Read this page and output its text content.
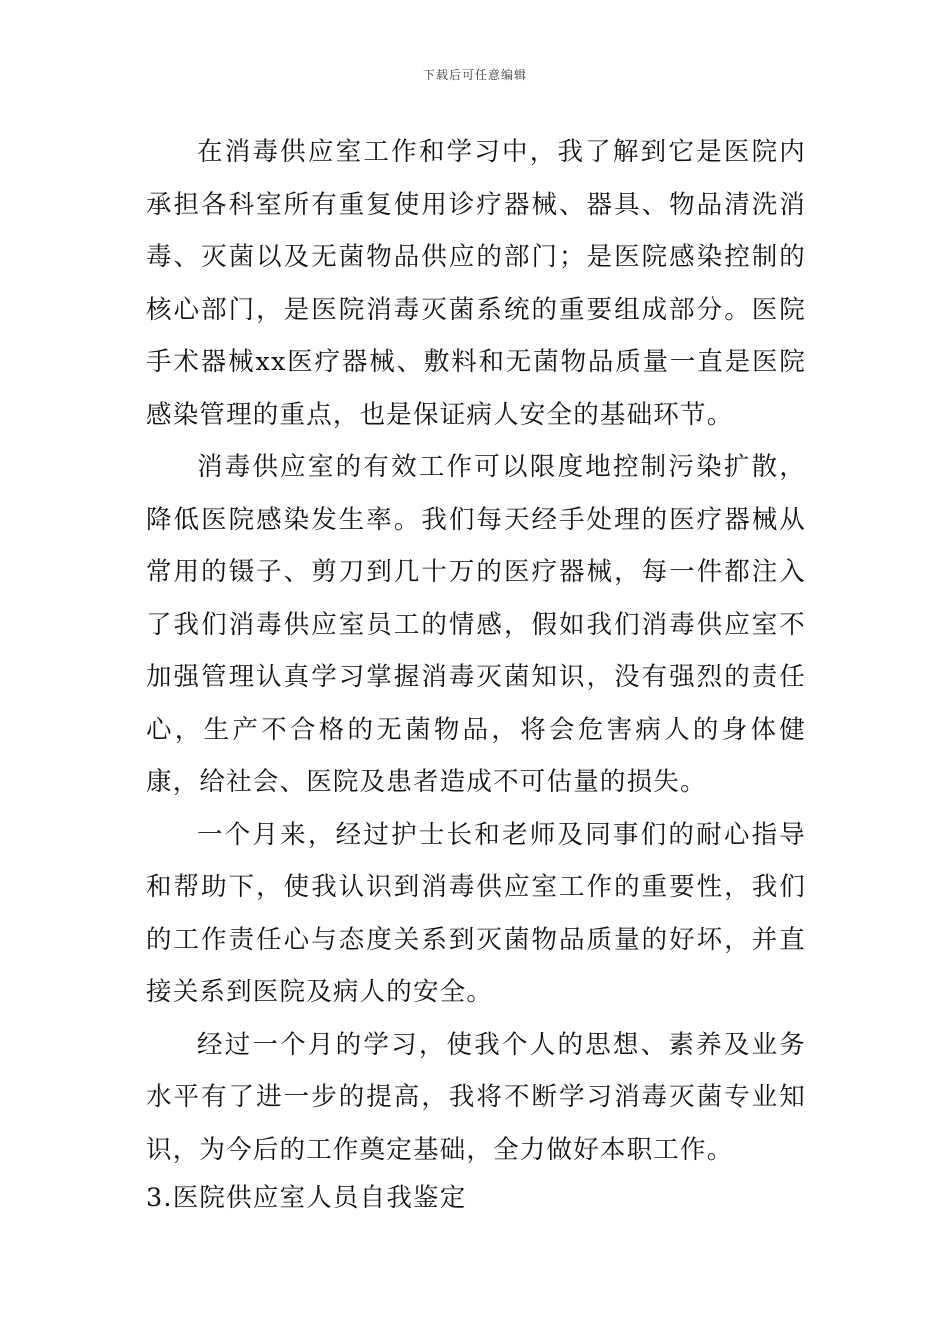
下载后可任意编辑

在消毒供应室工作和学习中，我了解到它是医院内承担各科室所有重复使用诊疗器械、器具、物品清洗消毒、灭菌以及无菌物品供应的部门；是医院感染控制的核心部门，是医院消毒灭菌系统的重要组成部分。医院手术器械xx医疗器械、敷料和无菌物品质量一直是医院感染管理的重点，也是保证病人安全的基础环节。

消毒供应室的有效工作可以限度地控制污染扩散，降低医院感染发生率。我们每天经手处理的医疗器械从常用的镊子、剪刀到几十万的医疗器械，每一件都注入了我们消毒供应室员工的情感，假如我们消毒供应室不加强管理认真学习掌握消毒灭菌知识，没有强烈的责任心，生产不合格的无菌物品，将会危害病人的身体健康，给社会、医院及患者造成不可估量的损失。

一个月来，经过护士长和老师及同事们的耐心指导和帮助下，使我认识到消毒供应室工作的重要性，我们的工作责任心与态度关系到灭菌物品质量的好坏，并直接关系到医院及病人的安全。

经过一个月的学习，使我个人的思想、素养及业务水平有了进一步的提高，我将不断学习消毒灭菌专业知识，为今后的工作奠定基础，全力做好本职工作。

3.医院供应室人员自我鉴定
